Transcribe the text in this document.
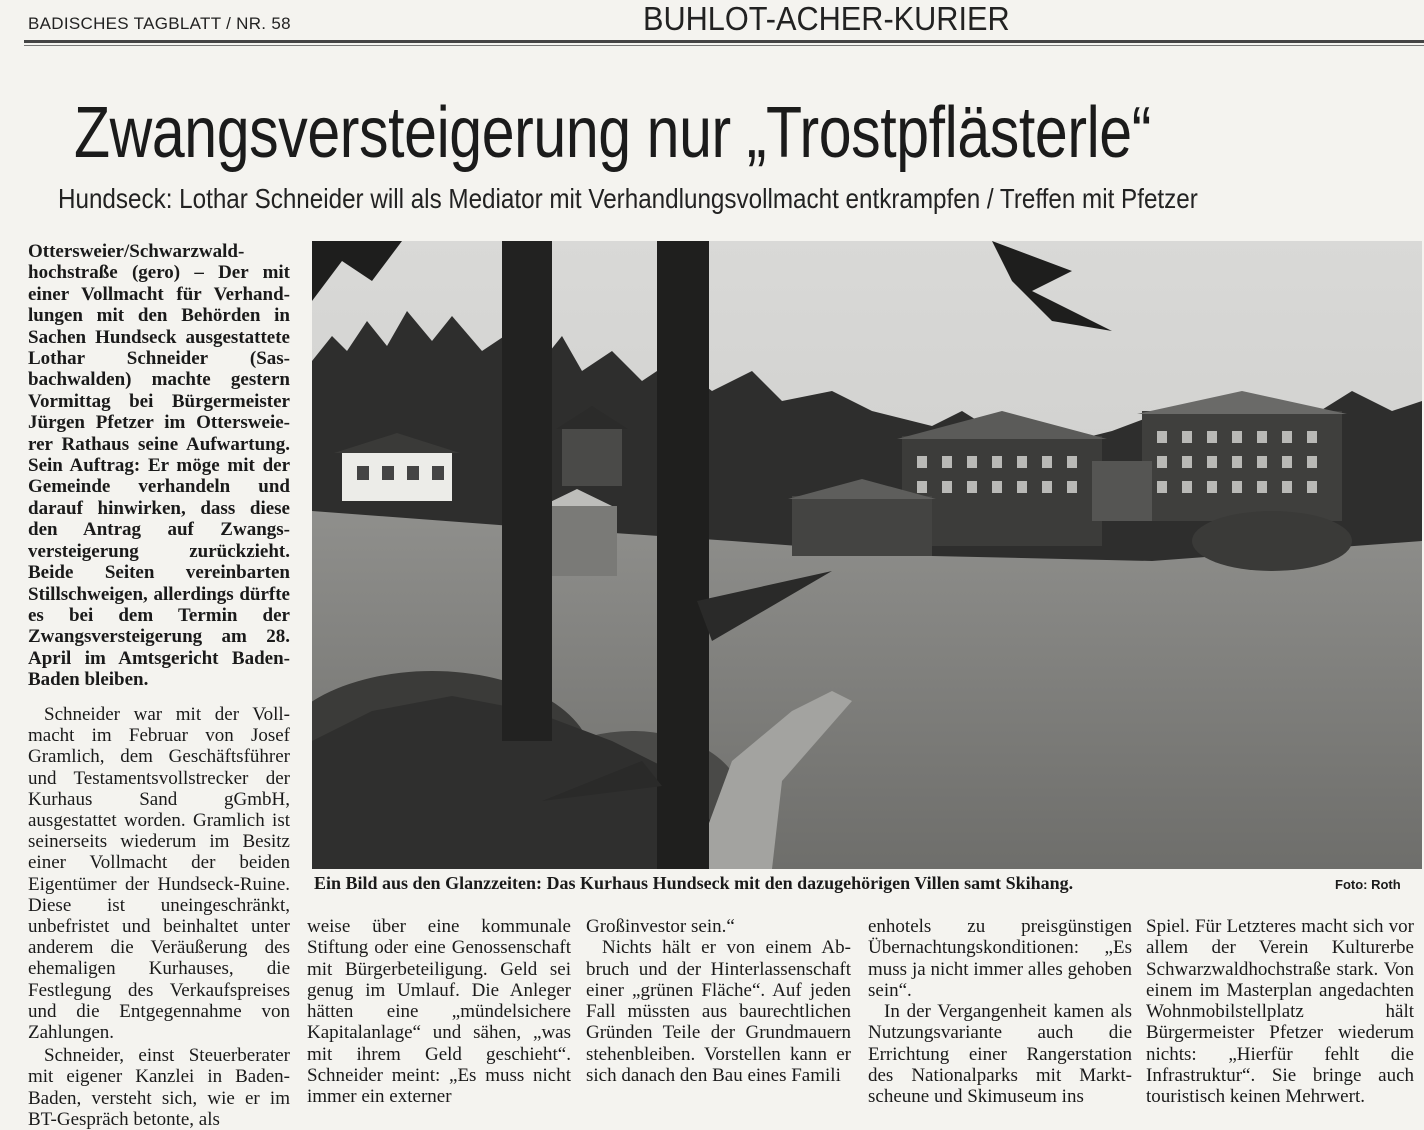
BADISCHES TAGBLATT / NR. 58	BUHLOT-ACHER-KURIER
Zwangsversteigerung nur „Trostpflästerle“
Hundseck: Lothar Schneider will als Mediator mit Verhandlungsvollmacht entkrampfen / Treffen mit Pfetzer
Ottersweier/Schwarzwaldhochstraße (gero) – Der mit einer Vollmacht für Verhandlungen mit den Behörden in Sachen Hundseck ausgestattete Lothar Schneider (Sasbachwalden) machte gestern Vormittag bei Bürgermeister Jürgen Pfetzer im Ottersweierer Rathaus seine Aufwartung. Sein Auftrag: Er möge mit der Gemeinde verhandeln und darauf hinwirken, dass diese den Antrag auf Zwangsversteigerung zurückzieht. Beide Seiten vereinbarten Stillschweigen, allerdings dürfte es bei dem Termin der Zwangsversteigerung am 28. April im Amtsgericht Baden-Baden bleiben.

Schneider war mit der Vollmacht im Februar von Josef Gramlich, dem Geschäftsführer und Testamentsvollstrecker der Kurhaus Sand gGmbH, ausgestattet worden. Gramlich ist seinerseits wiederum im Besitz einer Vollmacht der beiden Eigentümer der Hundseck-Ruine. Diese ist uneingeschränkt, unbefristet und beinhaltet unter anderem die Veräußerung des ehemaligen Kurhauses, die Festlegung des Verkaufspreises und die Entgegennahme von Zahlungen.

Schneider, einst Steuerberater mit eigener Kanzlei in Baden-Baden, versteht sich, wie er im BT-Gespräch betonte, als

Ein Bild aus den Glanzzeiten: Das Kurhaus Hundseck mit den dazugehörigen Villen samt Skihang.	Foto: Roth

weise über eine kommunale Stiftung oder eine Genossenschaft mit Bürgerbeteiligung. Geld sei genug im Umlauf. Die Anleger hätten eine „mündelsichere Kapitalanlage“ und sähen, „was mit ihrem Geld geschieht“. Schneider meint: „Es muss nicht immer ein externer

Großinvestor sein.“

Nichts hält er von einem Abbruch und der Hinterlassenschaft einer „grünen Fläche“. Auf jeden Fall müssten aus baurechtlichen Gründen Teile der Grundmauern stehenbleiben. Vorstellen kann er sich danach den Bau eines Famili

enhotels zu preisgünstigen Übernachtungskonditionen: „Es muss ja nicht immer alles gehoben sein“.

In der Vergangenheit kamen als Nutzungsvariante auch die Errichtung einer Rangerstation des Nationalparks mit Marktscheune und Skimuseum ins

Spiel. Für Letzteres macht sich vor allem der Verein Kulturerbe Schwarzwaldhochstraße stark. Von einem im Masterplan angedachten Wohnmobilstellplatz hält Bürgermeister Pfetzer wiederum nichts: „Hierfür fehlt die Infrastruktur“. Sie bringe auch touristisch keinen Mehrwert.
